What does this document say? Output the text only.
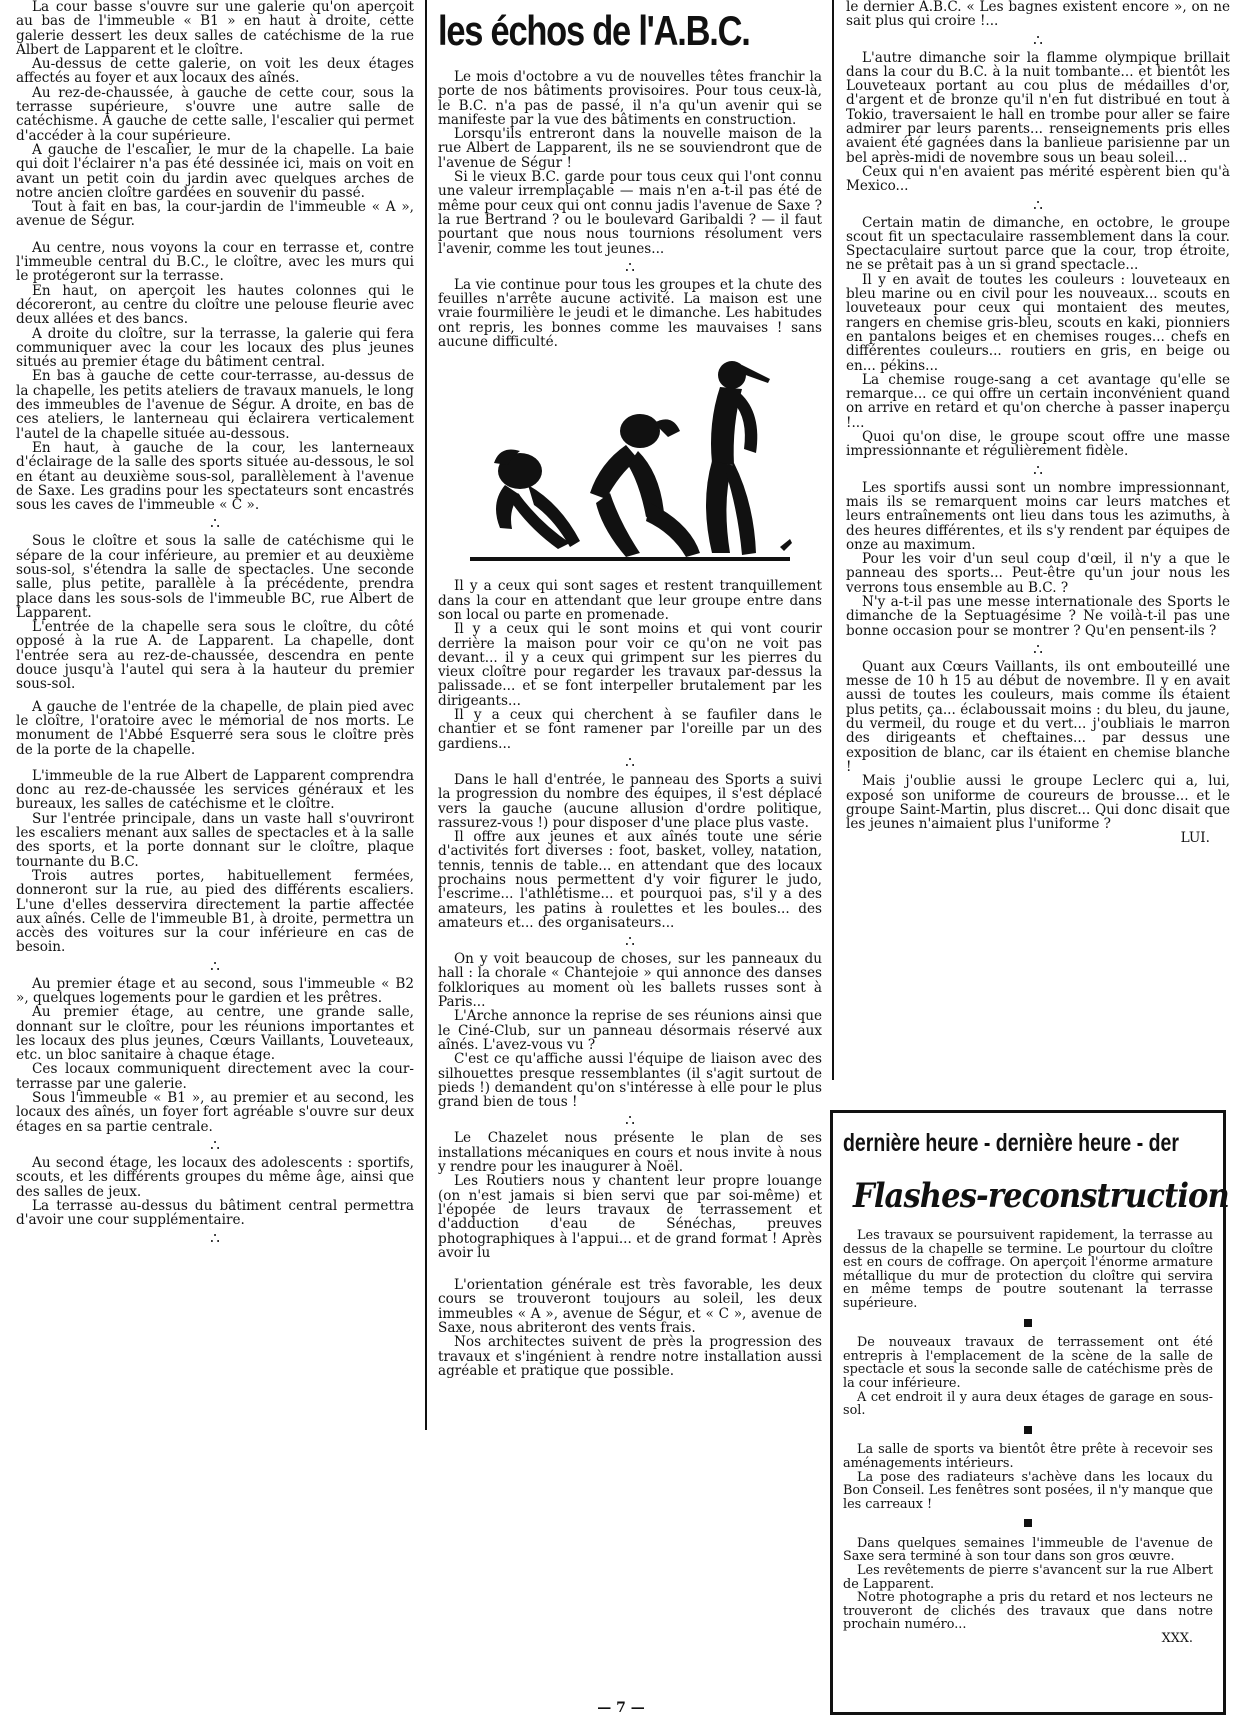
La cour basse s'ouvre sur une galerie qu'on aperçoit au bas de l'immeuble « B1 » en haut à droite, cette galerie dessert les deux salles de catéchisme de la rue Albert de Lapparent et le cloître.

Au-dessus de cette galerie, on voit les deux étages affectés au foyer et aux locaux des aînés.

Au rez-de-chaussée, à gauche de cette cour, sous la terrasse supérieure, s'ouvre une autre salle de catéchisme. A gauche de cette salle, l'escalier qui permet d'accéder à la cour supérieure.

A gauche de l'escalier, le mur de la chapelle. La baie qui doit l'éclairer n'a pas été dessinée ici, mais on voit en avant un petit coin du jardin avec quelques arches de notre ancien cloître gardées en souvenir du passé.

Tout à fait en bas, la cour-jardin de l'immeuble « A », avenue de Ségur.

Au centre, nous voyons la cour en terrasse et, contre l'immeuble central du B.C., le cloître, avec les murs qui le protégeront sur la terrasse.

En haut, on aperçoit les hautes colonnes qui le décoreront, au centre du cloître une pelouse fleurie avec deux allées et des bancs.

A droite du cloître, sur la terrasse, la galerie qui fera communiquer avec la cour les locaux des plus jeunes situés au premier étage du bâtiment central.

En bas à gauche de cette cour-terrasse, au-dessus de la chapelle, les petits ateliers de travaux manuels, le long des immeubles de l'avenue de Ségur. A droite, en bas de ces ateliers, le lanterneau qui éclairera verticalement l'autel de la chapelle située au-dessous.

En haut, à gauche de la cour, les lanterneaux d'éclairage de la salle des sports située au-dessous, le sol en étant au deuxième sous-sol, parallèlement à l'avenue de Saxe. Les gradins pour les spectateurs sont encastrés sous les caves de l'immeuble « C ».

∴

Sous le cloître et sous la salle de catéchisme qui le sépare de la cour inférieure, au premier et au deuxième sous-sol, s'étendra la salle de spectacles. Une seconde salle, plus petite, parallèle à la précédente, prendra place dans les sous-sols de l'immeuble BC, rue Albert de Lapparent.

L'entrée de la chapelle sera sous le cloître, du côté opposé à la rue A. de Lapparent. La chapelle, dont l'entrée sera au rez-de-chaussée, descendra en pente douce jusqu'à l'autel qui sera à la hauteur du premier sous-sol.

A gauche de l'entrée de la chapelle, de plain pied avec le cloître, l'oratoire avec le mémorial de nos morts. Le monument de l'Abbé Esquerré sera sous le cloître près de la porte de la chapelle.

L'immeuble de la rue Albert de Lapparent comprendra donc au rez-de-chaussée les services généraux et les bureaux, les salles de catéchisme et le cloître.

Sur l'entrée principale, dans un vaste hall s'ouvriront les escaliers menant aux salles de spectacles et à la salle des sports, et la porte donnant sur le cloître, plaque tournante du B.C.

Trois autres portes, habituellement fermées, donneront sur la rue, au pied des différents escaliers. L'une d'elles desservira directement la partie affectée aux aînés. Celle de l'immeuble B1, à droite, permettra un accès des voitures sur la cour inférieure en cas de besoin.

∴

Au premier étage et au second, sous l'immeuble « B2 », quelques logements pour le gardien et les prêtres.

Au premier étage, au centre, une grande salle, donnant sur le cloître, pour les réunions importantes et les locaux des plus jeunes, Cœurs Vaillants, Louveteaux, etc. un bloc sanitaire à chaque étage.

Ces locaux communiquent directement avec la cour-terrasse par une galerie.

Sous l'immeuble « B1 », au premier et au second, les locaux des aînés, un foyer fort agréable s'ouvre sur deux étages en sa partie centrale.

∴

Au second étage, les locaux des adolescents : sportifs, scouts, et les différents groupes du même âge, ainsi que des salles de jeux.

La terrasse au-dessus du bâtiment central permettra d'avoir une cour supplémentaire.

∴
les échos de l'A.B.C.

Le mois d'octobre a vu de nouvelles têtes franchir la porte de nos bâtiments provisoires. Pour tous ceux-là, le B.C. n'a pas de passé, il n'a qu'un avenir qui se manifeste par la vue des bâtiments en construction.

Lorsqu'ils entreront dans la nouvelle maison de la rue Albert de Lapparent, ils ne se souviendront que de l'avenue de Ségur !

Si le vieux B.C. garde pour tous ceux qui l'ont connu une valeur irremplaçable — mais n'en a-t-il pas été de même pour ceux qui ont connu jadis l'avenue de Saxe ? la rue Bertrand ? ou le boulevard Garibaldi ? — il faut pourtant que nous nous tournions résolument vers l'avenir, comme les tout jeunes...

∴

La vie continue pour tous les groupes et la chute des feuilles n'arrête aucune activité. La maison est une vraie fourmilière le jeudi et le dimanche. Les habitudes ont repris, les bonnes comme les mauvaises ! sans aucune difficulté.

Il y a ceux qui sont sages et restent tranquillement dans la cour en attendant que leur groupe entre dans son local ou parte en promenade.

Il y a ceux qui le sont moins et qui vont courir derrière la maison pour voir ce qu'on ne voit pas devant... il y a ceux qui grimpent sur les pierres du vieux cloître pour regarder les travaux par-dessus la palissade... et se font interpeller brutalement par les dirigeants...

Il y a ceux qui cherchent à se faufiler dans le chantier et se font ramener par l'oreille par un des gardiens...

∴

Dans le hall d'entrée, le panneau des Sports a suivi la progression du nombre des équipes, il s'est déplacé vers la gauche (aucune allusion d'ordre politique, rassurez-vous !) pour disposer d'une place plus vaste.

Il offre aux jeunes et aux aînés toute une série d'activités fort diverses : foot, basket, volley, natation, tennis, tennis de table... en attendant que des locaux prochains nous permettent d'y voir figurer le judo, l'escrime... l'athlétisme... et pourquoi pas, s'il y a des amateurs, les patins à roulettes et les boules... des amateurs et... des organisateurs...

∴

On y voit beaucoup de choses, sur les panneaux du hall : la chorale « Chantejoie » qui annonce des danses folkloriques au moment où les ballets russes sont à Paris...

L'Arche annonce la reprise de ses réunions ainsi que le Ciné-Club, sur un panneau désormais réservé aux aînés. L'avez-vous vu ?

C'est ce qu'affiche aussi l'équipe de liaison avec des silhouettes presque ressemblantes (il s'agit surtout de pieds !) demandent qu'on s'intéresse à elle pour le plus grand bien de tous !

∴

Le Chazelet nous présente le plan de ses installations mécaniques en cours et nous invite à nous y rendre pour les inaugurer à Noël.

Les Routiers nous y chantent leur propre louange (on n'est jamais si bien servi que par soi-même) et l'épopée de leurs travaux de terrassement et d'adduction d'eau de Sénéchas, preuves photographiques à l'appui... et de grand format ! Après avoir lu

L'orientation générale est très favorable, les deux cours se trouveront toujours au soleil, les deux immeubles « A », avenue de Ségur, et « C », avenue de Saxe, nous abriteront des vents frais.

Nos architectes suivent de près la progression des travaux et s'ingénient à rendre notre installation aussi agréable et pratique que possible.

le dernier A.B.C. « Les bagnes existent encore », on ne sait plus qui croire !...

∴

L'autre dimanche soir la flamme olympique brillait dans la cour du B.C. à la nuit tombante... et bientôt les Louveteaux portant au cou plus de médailles d'or, d'argent et de bronze qu'il n'en fut distribué en tout à Tokio, traversaient le hall en trombe pour aller se faire admirer par leurs parents... renseignements pris elles avaient été gagnées dans la banlieue parisienne par un bel après-midi de novembre sous un beau soleil...

Ceux qui n'en avaient pas mérité espèrent bien qu'à Mexico...

∴

Certain matin de dimanche, en octobre, le groupe scout fit un spectaculaire rassemblement dans la cour. Spectaculaire surtout parce que la cour, trop étroite, ne se prêtait pas à un si grand spectacle...

Il y en avait de toutes les couleurs : louveteaux en bleu marine ou en civil pour les nouveaux... scouts en louveteaux pour ceux qui montaient des meutes, rangers en chemise gris-bleu, scouts en kaki, pionniers en pantalons beiges et en chemises rouges... chefs en différentes couleurs... routiers en gris, en beige ou en... pékins...

La chemise rouge-sang a cet avantage qu'elle se remarque... ce qui offre un certain inconvénient quand on arrive en retard et qu'on cherche à passer inaperçu !...

Quoi qu'on dise, le groupe scout offre une masse impressionnante et régulièrement fidèle.

∴

Les sportifs aussi sont un nombre impressionnant, mais ils se remarquent moins car leurs matches et leurs entraînements ont lieu dans tous les azimuths, à des heures différentes, et ils s'y rendent par équipes de onze au maximum.

Pour les voir d'un seul coup d'œil, il n'y a que le panneau des sports... Peut-être qu'un jour nous les verrons tous ensemble au B.C. ?

N'y a-t-il pas une messe internationale des Sports le dimanche de la Septuagésime ? Ne voilà-t-il pas une bonne occasion pour se montrer ? Qu'en pensent-ils ?

∴

Quant aux Cœurs Vaillants, ils ont embouteillé une messe de 10 h 15 au début de novembre. Il y en avait aussi de toutes les couleurs, mais comme ils étaient plus petits, ça... éclaboussait moins : du bleu, du jaune, du vermeil, du rouge et du vert... j'oubliais le marron des dirigeants et cheftaines... par dessus une exposition de blanc, car ils étaient en chemise blanche !

Mais j'oublie aussi le groupe Leclerc qui a, lui, exposé son uniforme de coureurs de brousse... et le groupe Saint-Martin, plus discret... Qui donc disait que les jeunes n'aimaient plus l'uniforme ?

LUI.
dernière heure - dernière heure - der
Flashes-reconstruction

Les travaux se poursuivent rapidement, la terrasse au dessus de la chapelle se termine. Le pourtour du cloître est en cours de coffrage. On aperçoit l'énorme armature métallique du mur de protection du cloître qui servira en même temps de poutre soutenant la terrasse supérieure.

De nouveaux travaux de terrassement ont été entrepris à l'emplacement de la scène de la salle de spectacle et sous la seconde salle de catéchisme près de la cour inférieure.

A cet endroit il y aura deux étages de garage en sous-sol.

La salle de sports va bientôt être prête à recevoir ses aménagements intérieurs.

La pose des radiateurs s'achève dans les locaux du Bon Conseil. Les fenêtres sont posées, il n'y manque que les carreaux !

Dans quelques semaines l'immeuble de l'avenue de Saxe sera terminé à son tour dans son gros œuvre.

Les revêtements de pierre s'avancent sur la rue Albert de Lapparent.

Notre photographe a pris du retard et nos lecteurs ne trouveront de clichés des travaux que dans notre prochain numéro...

XXX.
— 7 —
